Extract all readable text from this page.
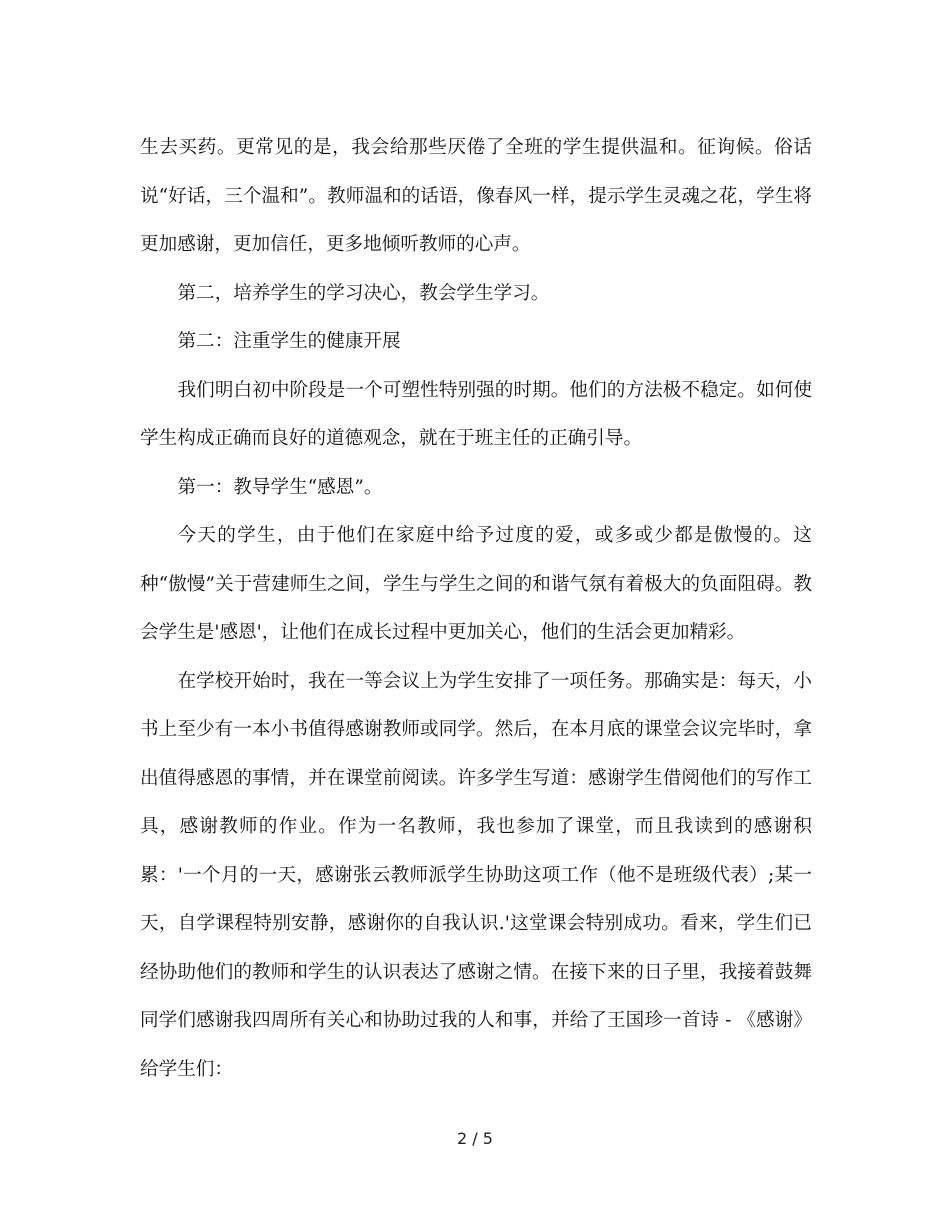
生去买药。更常见的是，我会给那些厌倦了全班的学生提供温和。征询候。俗话说“好话，三个温和”。教师温和的话语，像春风一样，提示学生灵魂之花，学生将更加感谢，更加信任，更多地倾听教师的心声。

第二，培养学生的学习决心，教会学生学习。

第二：注重学生的健康开展

我们明白初中阶段是一个可塑性特别强的时期。他们的方法极不稳定。如何使学生构成正确而良好的道德观念，就在于班主任的正确引导。

第一：教导学生“感恩”。

今天的学生，由于他们在家庭中给予过度的爱，或多或少都是傲慢的。这种“傲慢”关于营建师生之间，学生与学生之间的和谐气氛有着极大的负面阻碍。教会学生是'感恩'，让他们在成长过程中更加关心，他们的生活会更加精彩。

在学校开始时，我在一等会议上为学生安排了一项任务。那确实是：每天，小书上至少有一本小书值得感谢教师或同学。然后，在本月底的课堂会议完毕时，拿出值得感恩的事情，并在课堂前阅读。许多学生写道：感谢学生借阅他们的写作工具，感谢教师的作业。作为一名教师，我也参加了课堂，而且我读到的感谢积累：'一个月的一天，感谢张云教师派学生协助这项工作（他不是班级代表）;某一天，自学课程特别安静，感谢你的自我认识.'这堂课会特别成功。看来，学生们已经协助他们的教师和学生的认识表达了感谢之情。在接下来的日子里，我接着鼓舞同学们感谢我四周所有关心和协助过我的人和事，并给了王国珍一首诗 - 《感谢》给学生们：

2 / 5
